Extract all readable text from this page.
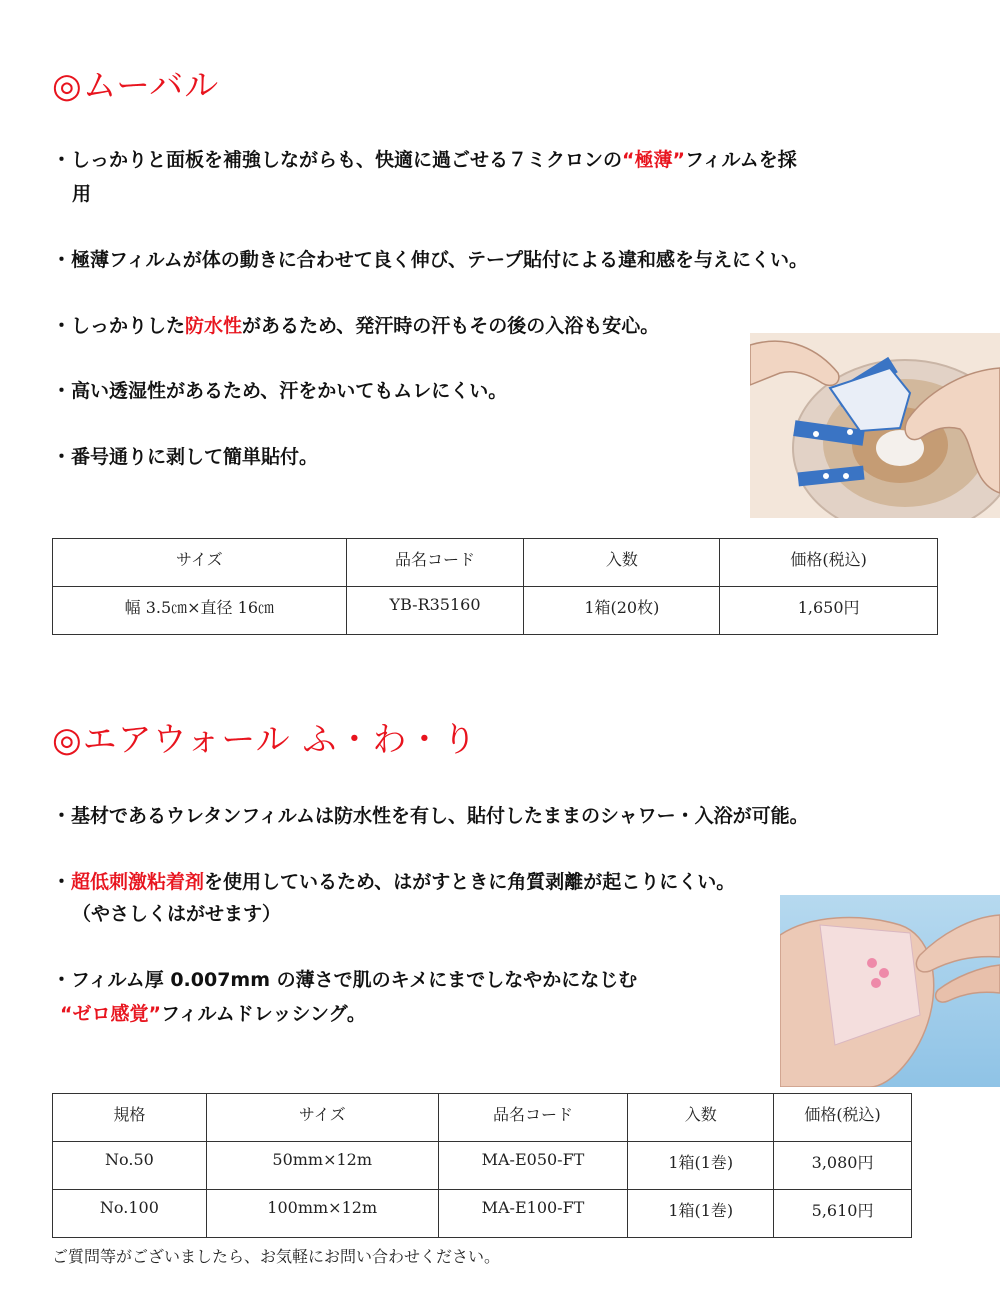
◎ムーバル
・しっかりと面板を補強しながらも、快適に過ごせる７ミクロンの“極薄”フィルムを採
用
・極薄フィルムが体の動きに合わせて良く伸び、テープ貼付による違和感を与えにくい。
・しっかりした防水性があるため、発汗時の汗もその後の入浴も安心。
・高い透湿性があるため、汗をかいてもムレにくい。
・番号通りに剥して簡単貼付。
サイズ	品名コード	入数	価格(税込)
幅 3.5㎝×直径 16㎝	YB-R35160	1箱(20枚)	1,650円
◎エアウォール ふ・わ・り
・基材であるウレタンフィルムは防水性を有し、貼付したままのシャワー・入浴が可能。
・超低刺激粘着剤を使用しているため、はがすときに角質剥離が起こりにくい。
（やさしくはがせます）
・フィルム厚 0.007mm の薄さで肌のキメにまでしなやかになじむ
“ゼロ感覚”フィルムドレッシング。
規格	サイズ	品名コード	入数	価格(税込)
No.50	50mm×12m	MA-E050-FT	1箱(1巻)	3,080円
No.100	100mm×12m	MA-E100-FT	1箱(1巻)	5,610円
ご質問等がございましたら、お気軽にお問い合わせください。
